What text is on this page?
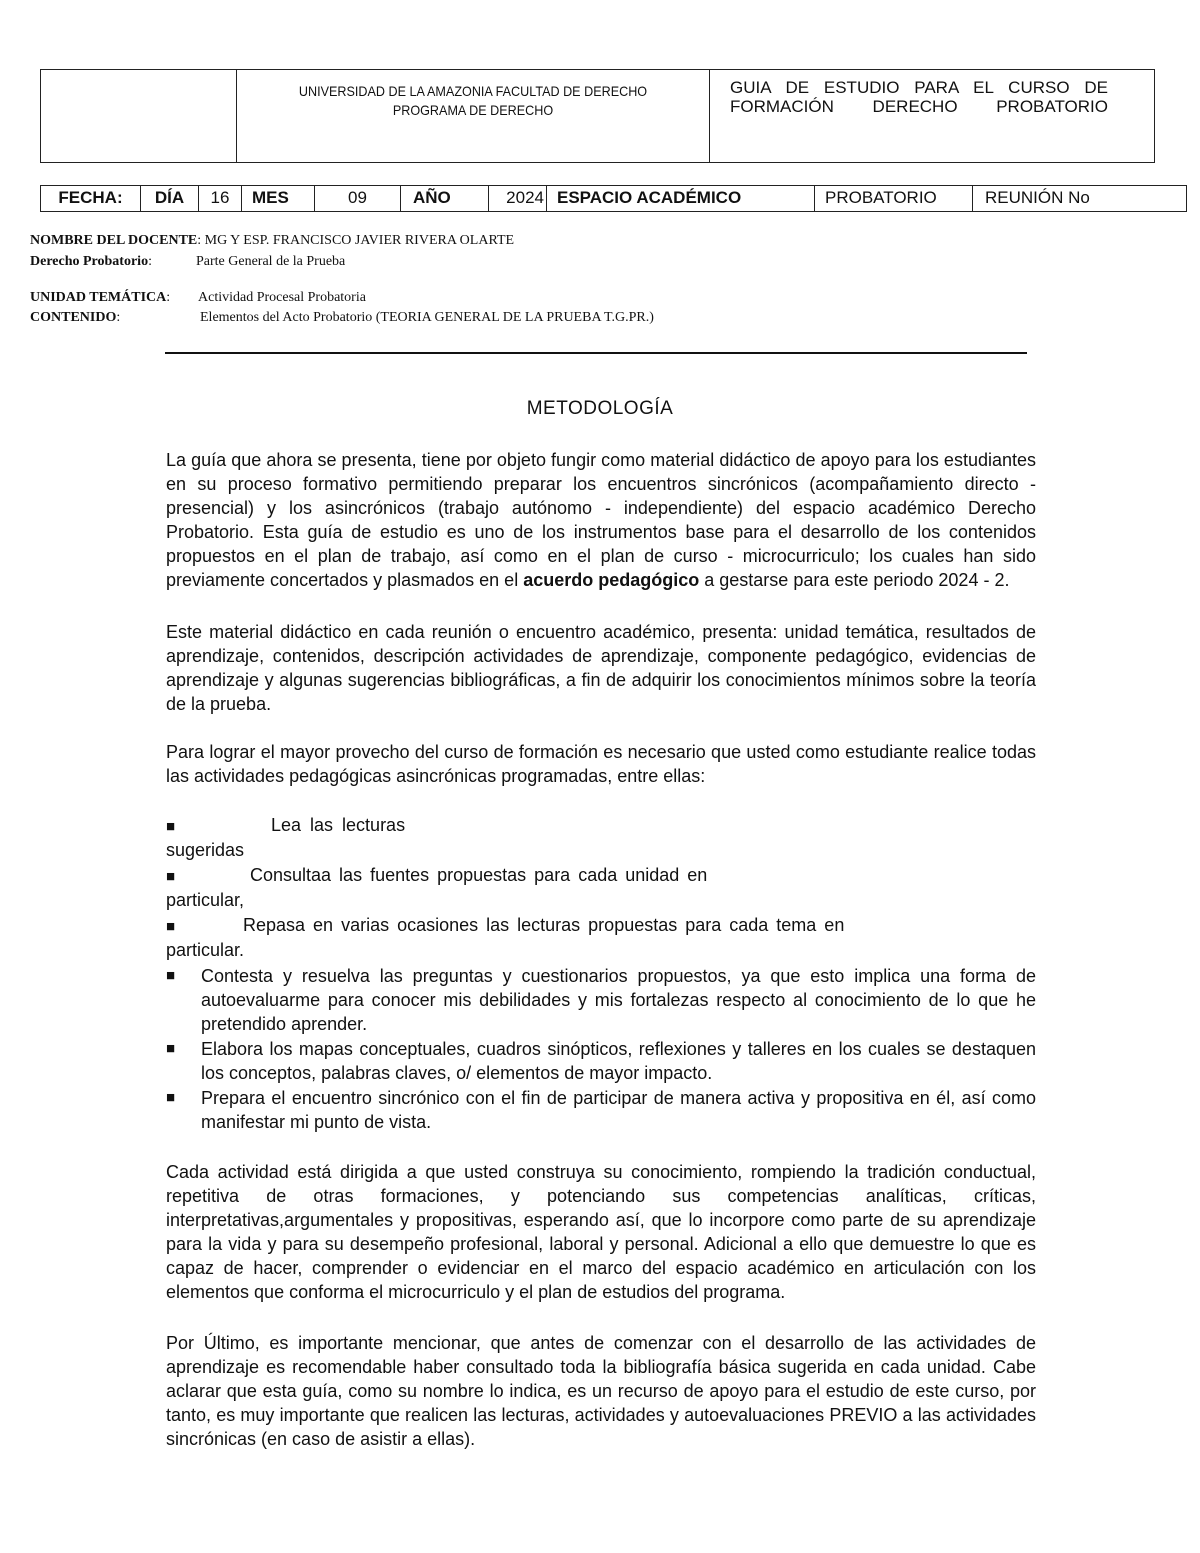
UNIVERSIDAD DE LA AMAZONIA FACULTAD DE DERECHO PROGRAMA DE DERECHO
GUIA DE ESTUDIO PARA EL CURSO DE FORMACIÓN DERECHO PROBATORIO
FECHA:	DÍA	16	MES	09	AÑO	2024 ESPACIO ACADÉMICO	PROBATORIO	REUNIÓN No
NOMBRE DEL DOCENTE: MG Y ESP. FRANCISCO JAVIER RIVERA OLARTE
Derecho Probatorio:	Parte General de la Prueba
UNIDAD TEMÁTICA: Actividad Procesal Probatoria
CONTENIDO:	Elementos del Acto Probatorio (TEORIA GENERAL DE LA PRUEBA T.G.PR.)
METODOLOGÍA
La guía que ahora se presenta, tiene por objeto fungir como material didáctico de apoyo para los estudiantes en su proceso formativo permitiendo preparar los encuentros sincrónicos (acompañamiento directo - presencial) y los asincrónicos (trabajo autónomo - independiente) del espacio académico Derecho Probatorio. Esta guía de estudio es uno de los instrumentos base para el desarrollo de los contenidos propuestos en el plan de trabajo, así como en el plan de curso - microcurriculo; los cuales han sido previamente concertados y plasmados en el acuerdo pedagógico a gestarse para este periodo 2024 - 2.
Este material didáctico en cada reunión o encuentro académico, presenta: unidad temática, resultados de aprendizaje, contenidos, descripción actividades de aprendizaje, componente pedagógico, evidencias de aprendizaje y algunas sugerencias bibliográficas, a fin de adquirir los conocimientos mínimos sobre la teoría de la prueba.
Para lograr el mayor provecho del curso de formación es necesario que usted como estudiante realice todas las actividades pedagógicas asincrónicas programadas, entre ellas:
■	Lea las lecturas
sugeridas
■	Consultaa las fuentes propuestas para cada unidad en
particular,
■	Repasa en varias ocasiones las lecturas propuestas para cada tema en
particular.
■ Contesta y resuelva las preguntas y cuestionarios propuestos, ya que esto implica una forma de autoevaluarme para conocer mis debilidades y mis fortalezas respecto al conocimiento de lo que he pretendido aprender.
■ Elabora los mapas conceptuales, cuadros sinópticos, reflexiones y talleres en los cuales se destaquen los conceptos, palabras claves, o/ elementos de mayor impacto.
■ Prepara el encuentro sincrónico con el fin de participar de manera activa y propositiva en él, así como manifestar mi punto de vista.
Cada actividad está dirigida a que usted construya su conocimiento, rompiendo la tradición conductual, repetitiva de otras formaciones, y potenciando sus competencias analíticas, críticas, interpretativas,argumentales y propositivas, esperando así, que lo incorpore como parte de su aprendizaje para la vida y para su desempeño profesional, laboral y personal. Adicional a ello que demuestre lo que es capaz de hacer, comprender o evidenciar en el marco del espacio académico en articulación con los elementos que conforma el microcurriculo y el plan de estudios del programa.
Por Último, es importante mencionar, que antes de comenzar con el desarrollo de las actividades de aprendizaje es recomendable haber consultado toda la bibliografía básica sugerida en cada unidad. Cabe aclarar que esta guía, como su nombre lo indica, es un recurso de apoyo para el estudio de este curso, por tanto, es muy importante que realicen las lecturas, actividades y autoevaluaciones PREVIO a las actividades sincrónicas (en caso de asistir a ellas).
